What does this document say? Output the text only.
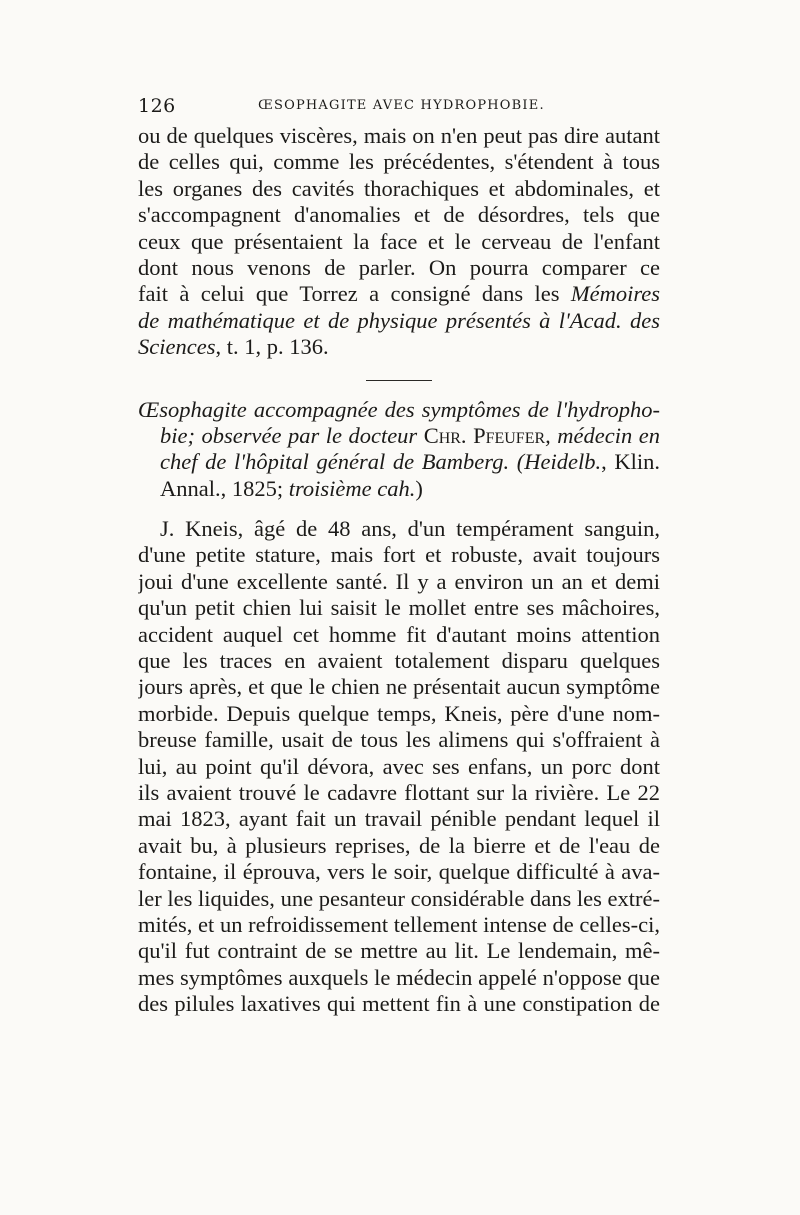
126	ŒSOPHAGITE AVEC HYDROPHOBIE.
ou de quelques viscères, mais on n'en peut pas dire autant
de celles qui, comme les précédentes, s'étendent à tous
les organes des cavités thorachiques et abdominales, et
s'accompagnent d'anomalies et de désordres, tels que
ceux que présentaient la face et le cerveau de l'enfant
dont nous venons de parler. On pourra comparer ce
fait à celui que Torrez a consigné dans les Mémoires
de mathématique et de physique présentés à l'Acad. des
Sciences, t. 1, p. 136.
Œsophagite accompagnée des symptômes de l'hydropho-
bie; observée par le docteur Chr. Pfeufer, médecin en
chef de l'hôpital général de Bamberg. (Heidelb., Klin.
Annal., 1825; troisième cah.)
J. Kneis, âgé de 48 ans, d'un tempérament sanguin,
d'une petite stature, mais fort et robuste, avait toujours
joui d'une excellente santé. Il y a environ un an et demi
qu'un petit chien lui saisit le mollet entre ses mâchoires,
accident auquel cet homme fit d'autant moins attention
que les traces en avaient totalement disparu quelques
jours après, et que le chien ne présentait aucun symptôme
morbide. Depuis quelque temps, Kneis, père d'une nom-
breuse famille, usait de tous les alimens qui s'offraient à
lui, au point qu'il dévora, avec ses enfans, un porc dont
ils avaient trouvé le cadavre flottant sur la rivière. Le 22
mai 1823, ayant fait un travail pénible pendant lequel il
avait bu, à plusieurs reprises, de la bierre et de l'eau de
fontaine, il éprouva, vers le soir, quelque difficulté à ava-
ler les liquides, une pesanteur considérable dans les extré-
mités, et un refroidissement tellement intense de celles-ci,
qu'il fut contraint de se mettre au lit. Le lendemain, mê-
mes symptômes auxquels le médecin appelé n'oppose que
des pilules laxatives qui mettent fin à une constipation de
